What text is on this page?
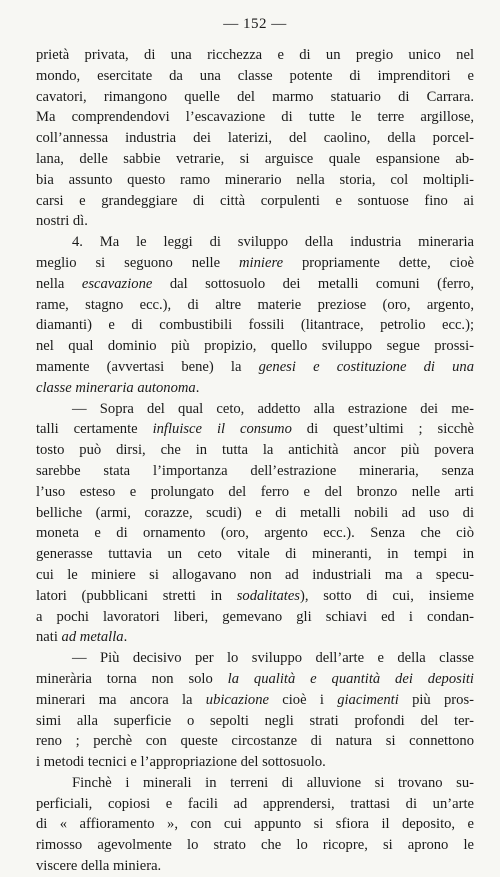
— 152 —
prietà privata, di una ricchezza e di un pregio unico nel
mondo, esercitate da una classe potente di imprenditori e
cavatori, rimangono quelle del marmo statuario di Carrara.
Ma comprendendovi l’escavazione di tutte le terre argillose,
coll’annessa industria dei laterizi, del caolino, della porcel-
lana, delle sabbie vetrarie, si arguisce quale espansione ab-
bia assunto questo ramo minerario nella storia, col moltipli-
carsi e grandeggiare di città corpulenti e sontuose fino ai
nostri dì.
4. Ma le leggi di sviluppo della industria mineraria
meglio si seguono nelle miniere propriamente dette, cioè
nella escavazione dal sottosuolo dei metalli comuni (ferro,
rame, stagno ecc.), di altre materie preziose (oro, argento,
diamanti) e di combustibili fossili (litantrace, petrolio ecc.);
nel qual dominio più propizio, quello sviluppo segue prossi-
mamente (avvertasi bene) la genesi e costituzione di una
classe mineraria autonoma.
— Sopra del qual ceto, addetto alla estrazione dei me-
talli certamente influisce il consumo di quest’ultimi ; sicchè
tosto può dirsi, che in tutta la antichità ancor più povera
sarebbe stata l’importanza dell’estrazione mineraria, senza
l’uso esteso e prolungato del ferro e del bronzo nelle arti
belliche (armi, corazze, scudi) e di metalli nobili ad uso di
moneta e di ornamento (oro, argento ecc.). Senza che ciò
generasse tuttavia un ceto vitale di mineranti, in tempi in
cui le miniere si allogavano non ad industriali ma a specu-
latori (pubblicani stretti in sodalitates), sotto di cui, insieme
a pochi lavoratori liberi, gemevano gli schiavi ed i condan-
nati ad metalla.
— Più decisivo per lo sviluppo dell’arte e della classe
minerària torna non solo la qualità e quantità dei depositi
minerari ma ancora la ubicazione cioè i giacimenti più pros-
simi alla superficie o sepolti negli strati profondi del ter-
reno ; perchè con queste circostanze di natura si connettono
i metodi tecnici e l’appropriazione del sottosuolo.
Finchè i minerali in terreni di alluvione si trovano su-
perficiali, copiosi e facili ad apprendersi, trattasi di un’arte
di « affioramento », con cui appunto si sfiora il deposito, e
rimosso agevolmente lo strato che lo ricopre, si aprono le
viscere della miniera.
